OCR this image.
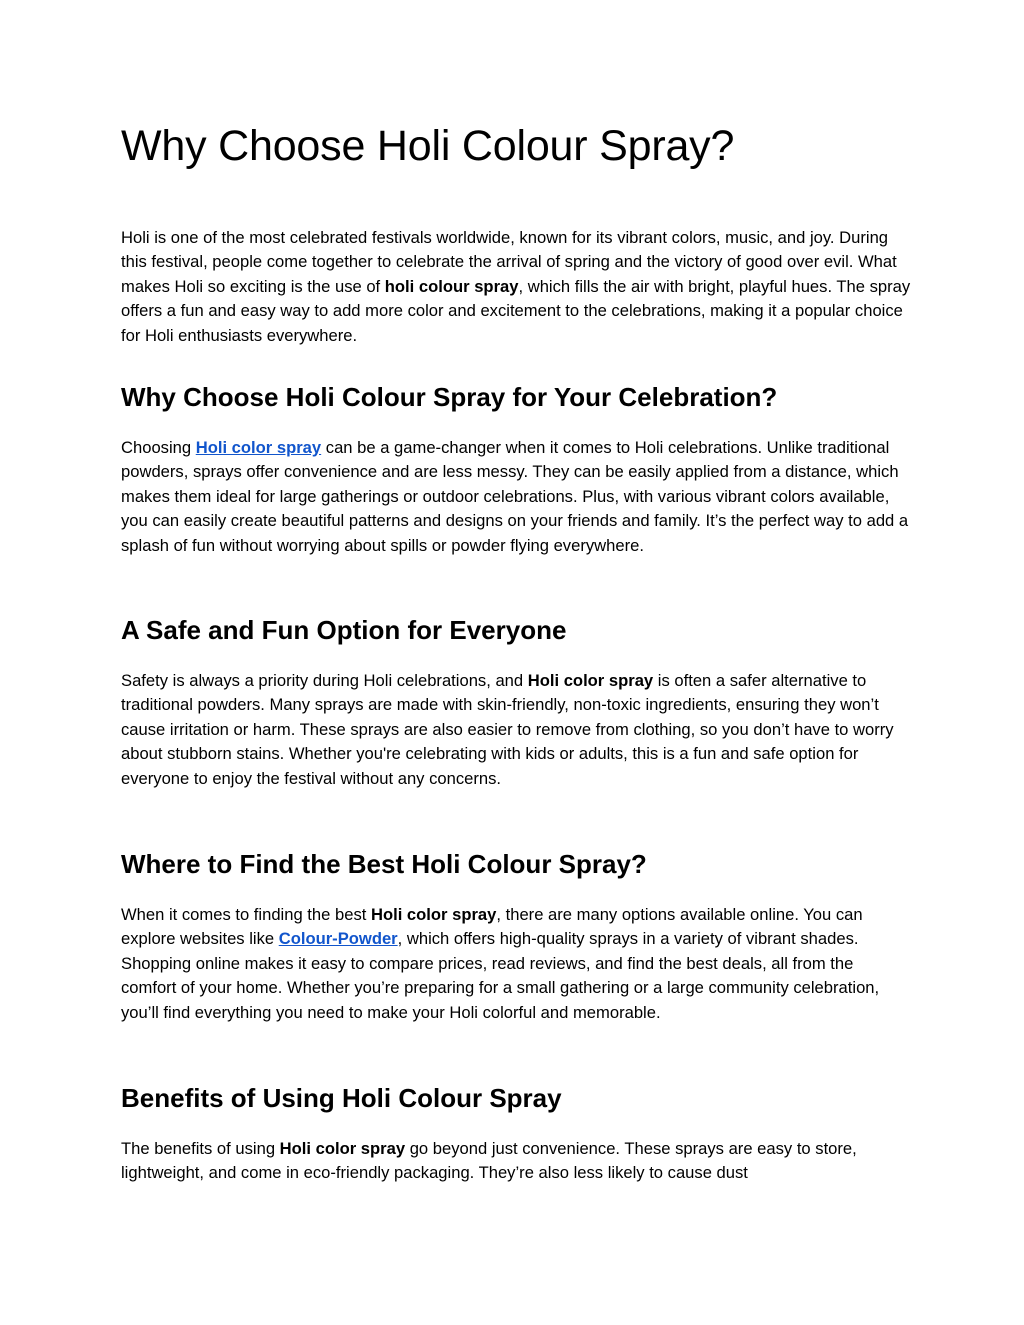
Why Choose Holi Colour Spray?

Holi is one of the most celebrated festivals worldwide, known for its vibrant colors, music, and joy. During this festival, people come together to celebrate the arrival of spring and the victory of good over evil. What makes Holi so exciting is the use of holi colour spray, which fills the air with bright, playful hues. The spray offers a fun and easy way to add more color and excitement to the celebrations, making it a popular choice for Holi enthusiasts everywhere.

Why Choose Holi Colour Spray for Your Celebration?

Choosing Holi color spray can be a game-changer when it comes to Holi celebrations. Unlike traditional powders, sprays offer convenience and are less messy. They can be easily applied from a distance, which makes them ideal for large gatherings or outdoor celebrations. Plus, with various vibrant colors available, you can easily create beautiful patterns and designs on your friends and family. It’s the perfect way to add a splash of fun without worrying about spills or powder flying everywhere.

A Safe and Fun Option for Everyone

Safety is always a priority during Holi celebrations, and Holi color spray is often a safer alternative to traditional powders. Many sprays are made with skin-friendly, non-toxic ingredients, ensuring they won’t cause irritation or harm. These sprays are also easier to remove from clothing, so you don’t have to worry about stubborn stains. Whether you're celebrating with kids or adults, this is a fun and safe option for everyone to enjoy the festival without any concerns.

Where to Find the Best Holi Colour Spray?

When it comes to finding the best Holi color spray, there are many options available online. You can explore websites like Colour-Powder, which offers high-quality sprays in a variety of vibrant shades. Shopping online makes it easy to compare prices, read reviews, and find the best deals, all from the comfort of your home. Whether you’re preparing for a small gathering or a large community celebration, you’ll find everything you need to make your Holi colorful and memorable.

Benefits of Using Holi Colour Spray

The benefits of using Holi color spray go beyond just convenience. These sprays are easy to store, lightweight, and come in eco-friendly packaging. They’re also less likely to cause dust
